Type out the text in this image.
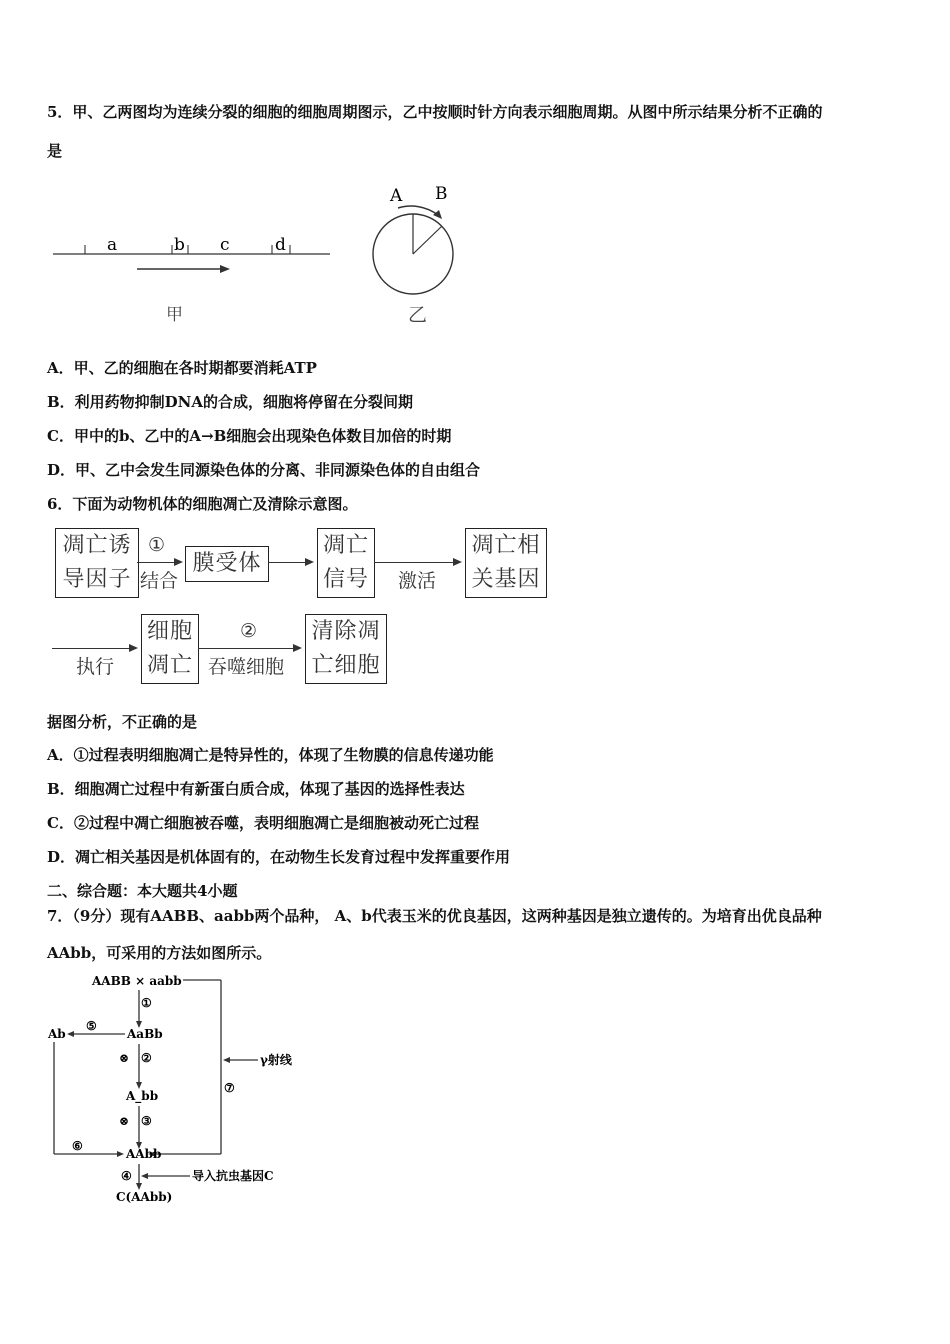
5．甲、乙两图均为连续分裂的细胞的细胞周期图示，乙中按顺时针方向表示细胞周期。从图中所示结果分析不正确的
是
a	b c	d
甲
A B
乙
A．甲、乙的细胞在各时期都要消耗ATP
B．利用药物抑制DNA的合成，细胞将停留在分裂间期
C．甲中的b、乙中的A→B细胞会出现染色体数目加倍的时期
D．甲、乙中会发生同源染色体的分离、非同源染色体的自由组合
6．下面为动物机体的细胞凋亡及清除示意图。
凋亡诱
导因子
①
结合
膜受体
凋亡
信号 激活
凋亡相
关基因
执行
细胞
凋亡
②
吞噬细胞
清除凋
亡细胞
据图分析，不正确的是
A．①过程表明细胞凋亡是特异性的，体现了生物膜的信息传递功能
B．细胞凋亡过程中有新蛋白质合成，体现了基因的选择性表达
C．②过程中凋亡细胞被吞噬，表明细胞凋亡是细胞被动死亡过程
D．凋亡相关基因是机体固有的，在动物生长发育过程中发挥重要作用
二、综合题：本大题共4小题
7．（9分）现有AABB、aabb两个品种， A、b代表玉米的优良基因，这两种基因是独立遗传的。为培育出优良品种
AAbb，可采用的方法如图所示。
AABB × aabb
①
AaBb
⑤
Ab
⑥
⊗ ②
A_bb
⊗ ③
AAbb
④	导入抗虫基因C
C(AAbb)
γ射线
⑦
